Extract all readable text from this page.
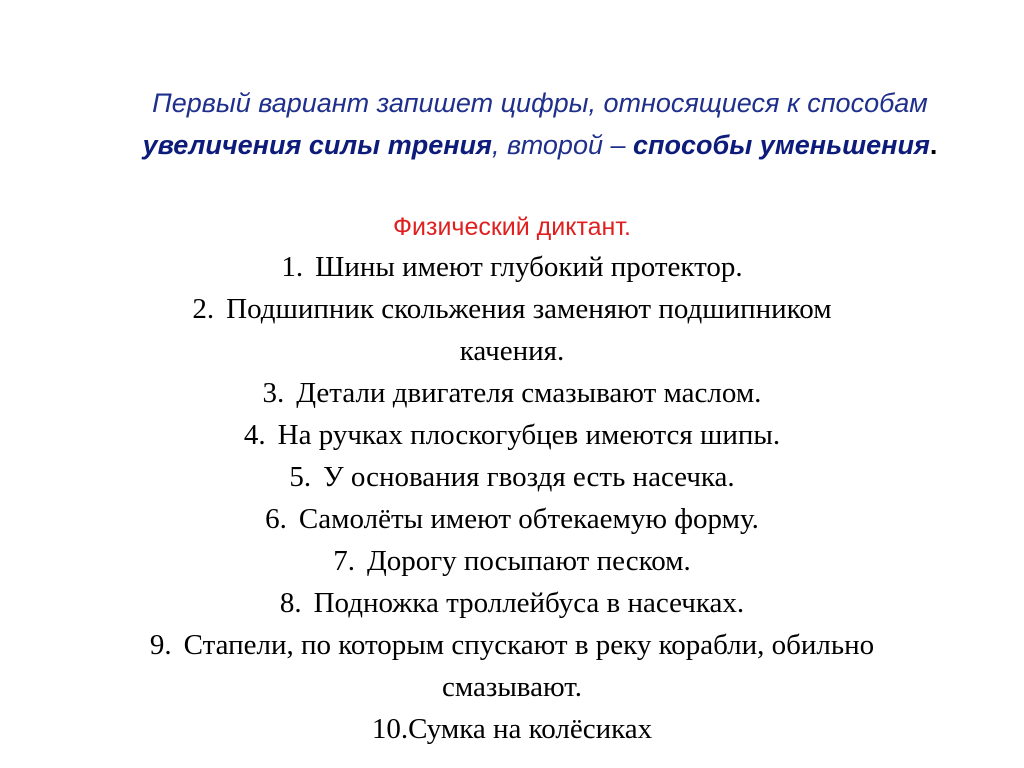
Первый вариант запишет цифры, относящиеся к способам увеличения силы трения, второй – способы уменьшения.
Физический диктант.
1. Шины имеют глубокий протектор.
2. Подшипник скольжения заменяют подшипником
качения.
3. Детали двигателя смазывают маслом.
4. На ручках плоскогубцев имеются шипы.
5. У основания гвоздя есть насечка.
6. Самолёты имеют обтекаемую форму.
7. Дорогу посыпают песком.
8. Подножка троллейбуса в насечках.
9. Стапели, по которым спускают в реку корабли, обильно
смазывают.
10.Сумка на колёсиках
